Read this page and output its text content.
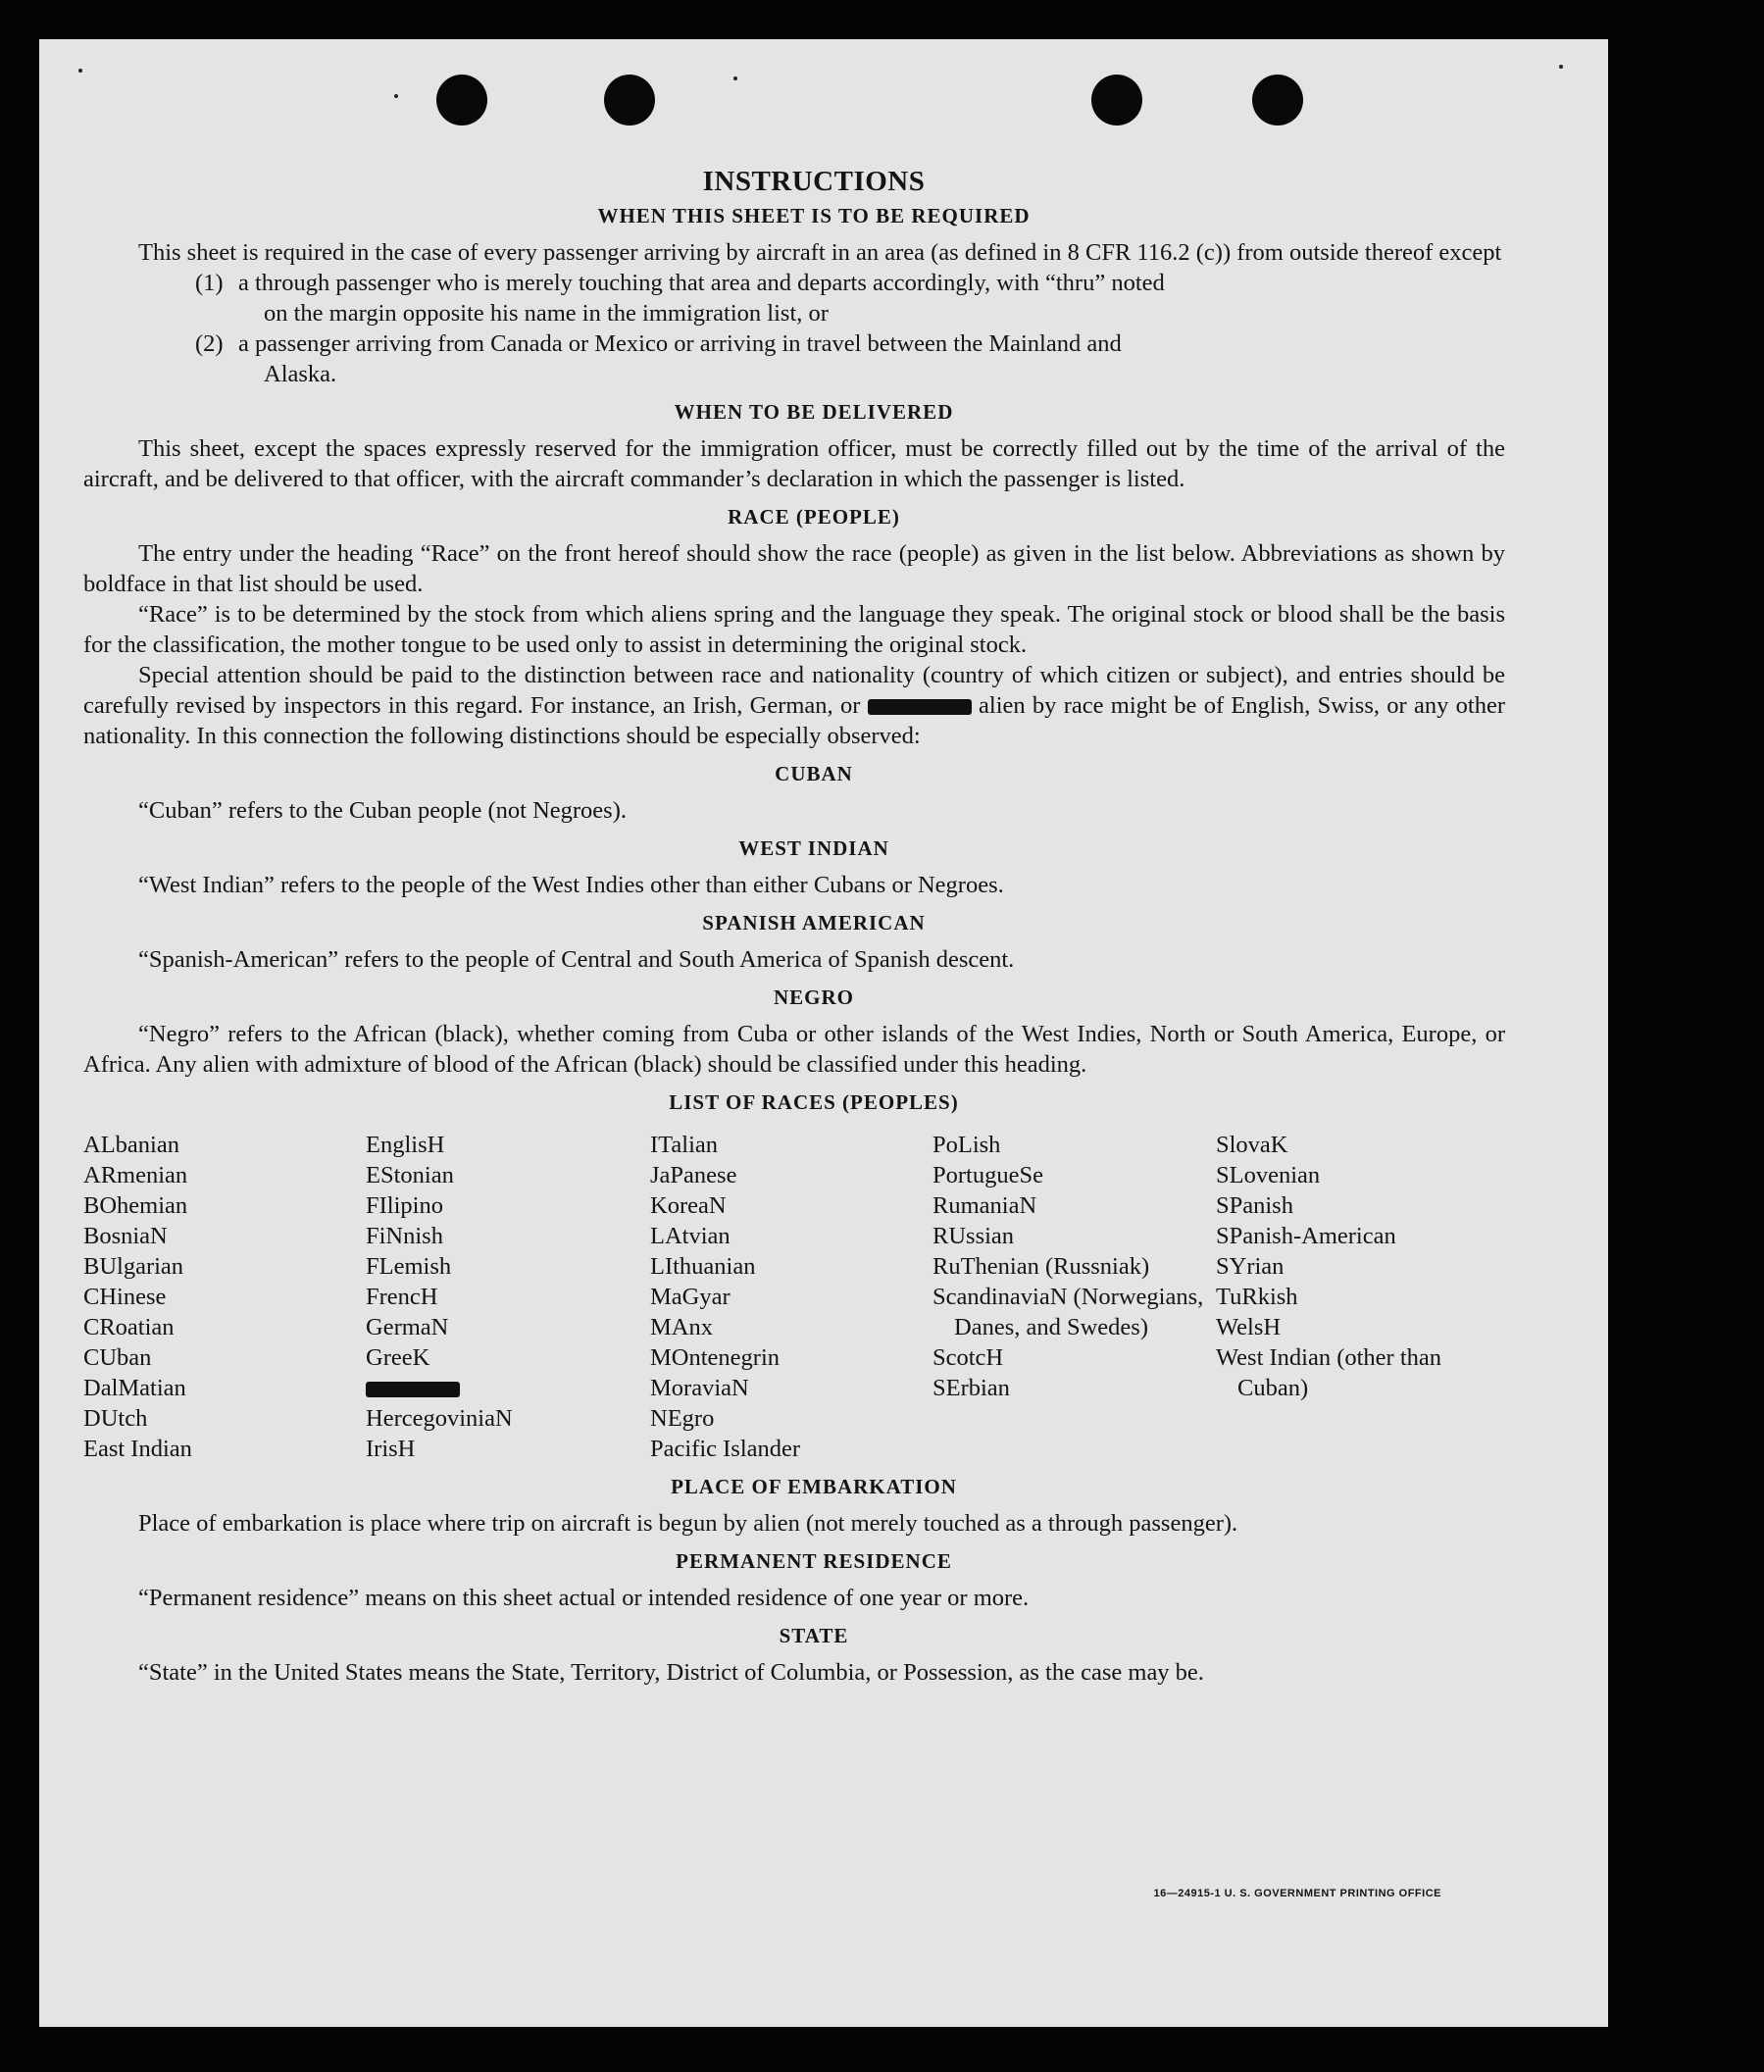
INSTRUCTIONS
WHEN THIS SHEET IS TO BE REQUIRED

This sheet is required in the case of every passenger arriving by aircraft in an area (as defined in 8 CFR 116.2 (c)) from outside thereof except

(1) a through passenger who is merely touching that area and departs accordingly, with “thru” noted
on the margin opposite his name in the immigration list, or
(2) a passenger arriving from Canada or Mexico or arriving in travel between the Mainland and
Alaska.
WHEN TO BE DELIVERED

This sheet, except the spaces expressly reserved for the immigration officer, must be correctly filled out by the time of the arrival of the aircraft, and be delivered to that officer, with the aircraft commander’s declaration in which the passenger is listed.

RACE (PEOPLE)

The entry under the heading “Race” on the front hereof should show the race (people) as given in the list below. Abbreviations as shown by boldface in that list should be used.

“Race” is to be determined by the stock from which aliens spring and the language they speak. The original stock or blood shall be the basis for the classification, the mother tongue to be used only to assist in determining the original stock.

Special attention should be paid to the distinction between race and nationality (country of which citizen or subject), and entries should be carefully revised by inspectors in this regard. For instance, an Irish, German, or	alien by race might be of English, Swiss, or any other nationality. In this connection the following distinctions should be especially observed:

CUBAN

“Cuban” refers to the Cuban people (not Negroes).

WEST INDIAN

“West Indian” refers to the people of the West Indies other than either Cubans or Negroes.

SPANISH AMERICAN

“Spanish-American” refers to the people of Central and South America of Spanish descent.

NEGRO

“Negro” refers to the African (black), whether coming from Cuba or other islands of the West Indies, North or South America, Europe, or Africa. Any alien with admixture of blood of the African (black) should be classified under this heading.

LIST OF RACES (PEOPLES)
ALbanian
ARmenian
BOhemian
BosniaN
BUlgarian
CHinese
CRoatian
CUban
DalMatian
DUtch
East Indian
EnglisH
EStonian
FIlipino
FiNnish
FLemish
FrencH
GermaN
GreeK
HercegoviniaN
IrisH
ITalian
JaPanese
KoreaN
LAtvian
LIthuanian
MaGyar
MAnx
MOntenegrin
MoraviaN
NEgro
Pacific Islander
PoLish
PortugueSe
RumaniaN
RUssian
RuThenian (Russniak)
ScandinaviaN (Norwegians, Danes, and Swedes)
ScotcH
SErbian
SlovaK
SLovenian
SPanish
SPanish-American
SYrian
TuRkish
WelsH
West Indian (other than Cuban)
PLACE OF EMBARKATION

Place of embarkation is place where trip on aircraft is begun by alien (not merely touched as a through passenger).

PERMANENT RESIDENCE

“Permanent residence” means on this sheet actual or intended residence of one year or more.

STATE

“State” in the United States means the State, Territory, District of Columbia, or Possession, as the case may be.

16—24915-1 U. S. GOVERNMENT PRINTING OFFICE
